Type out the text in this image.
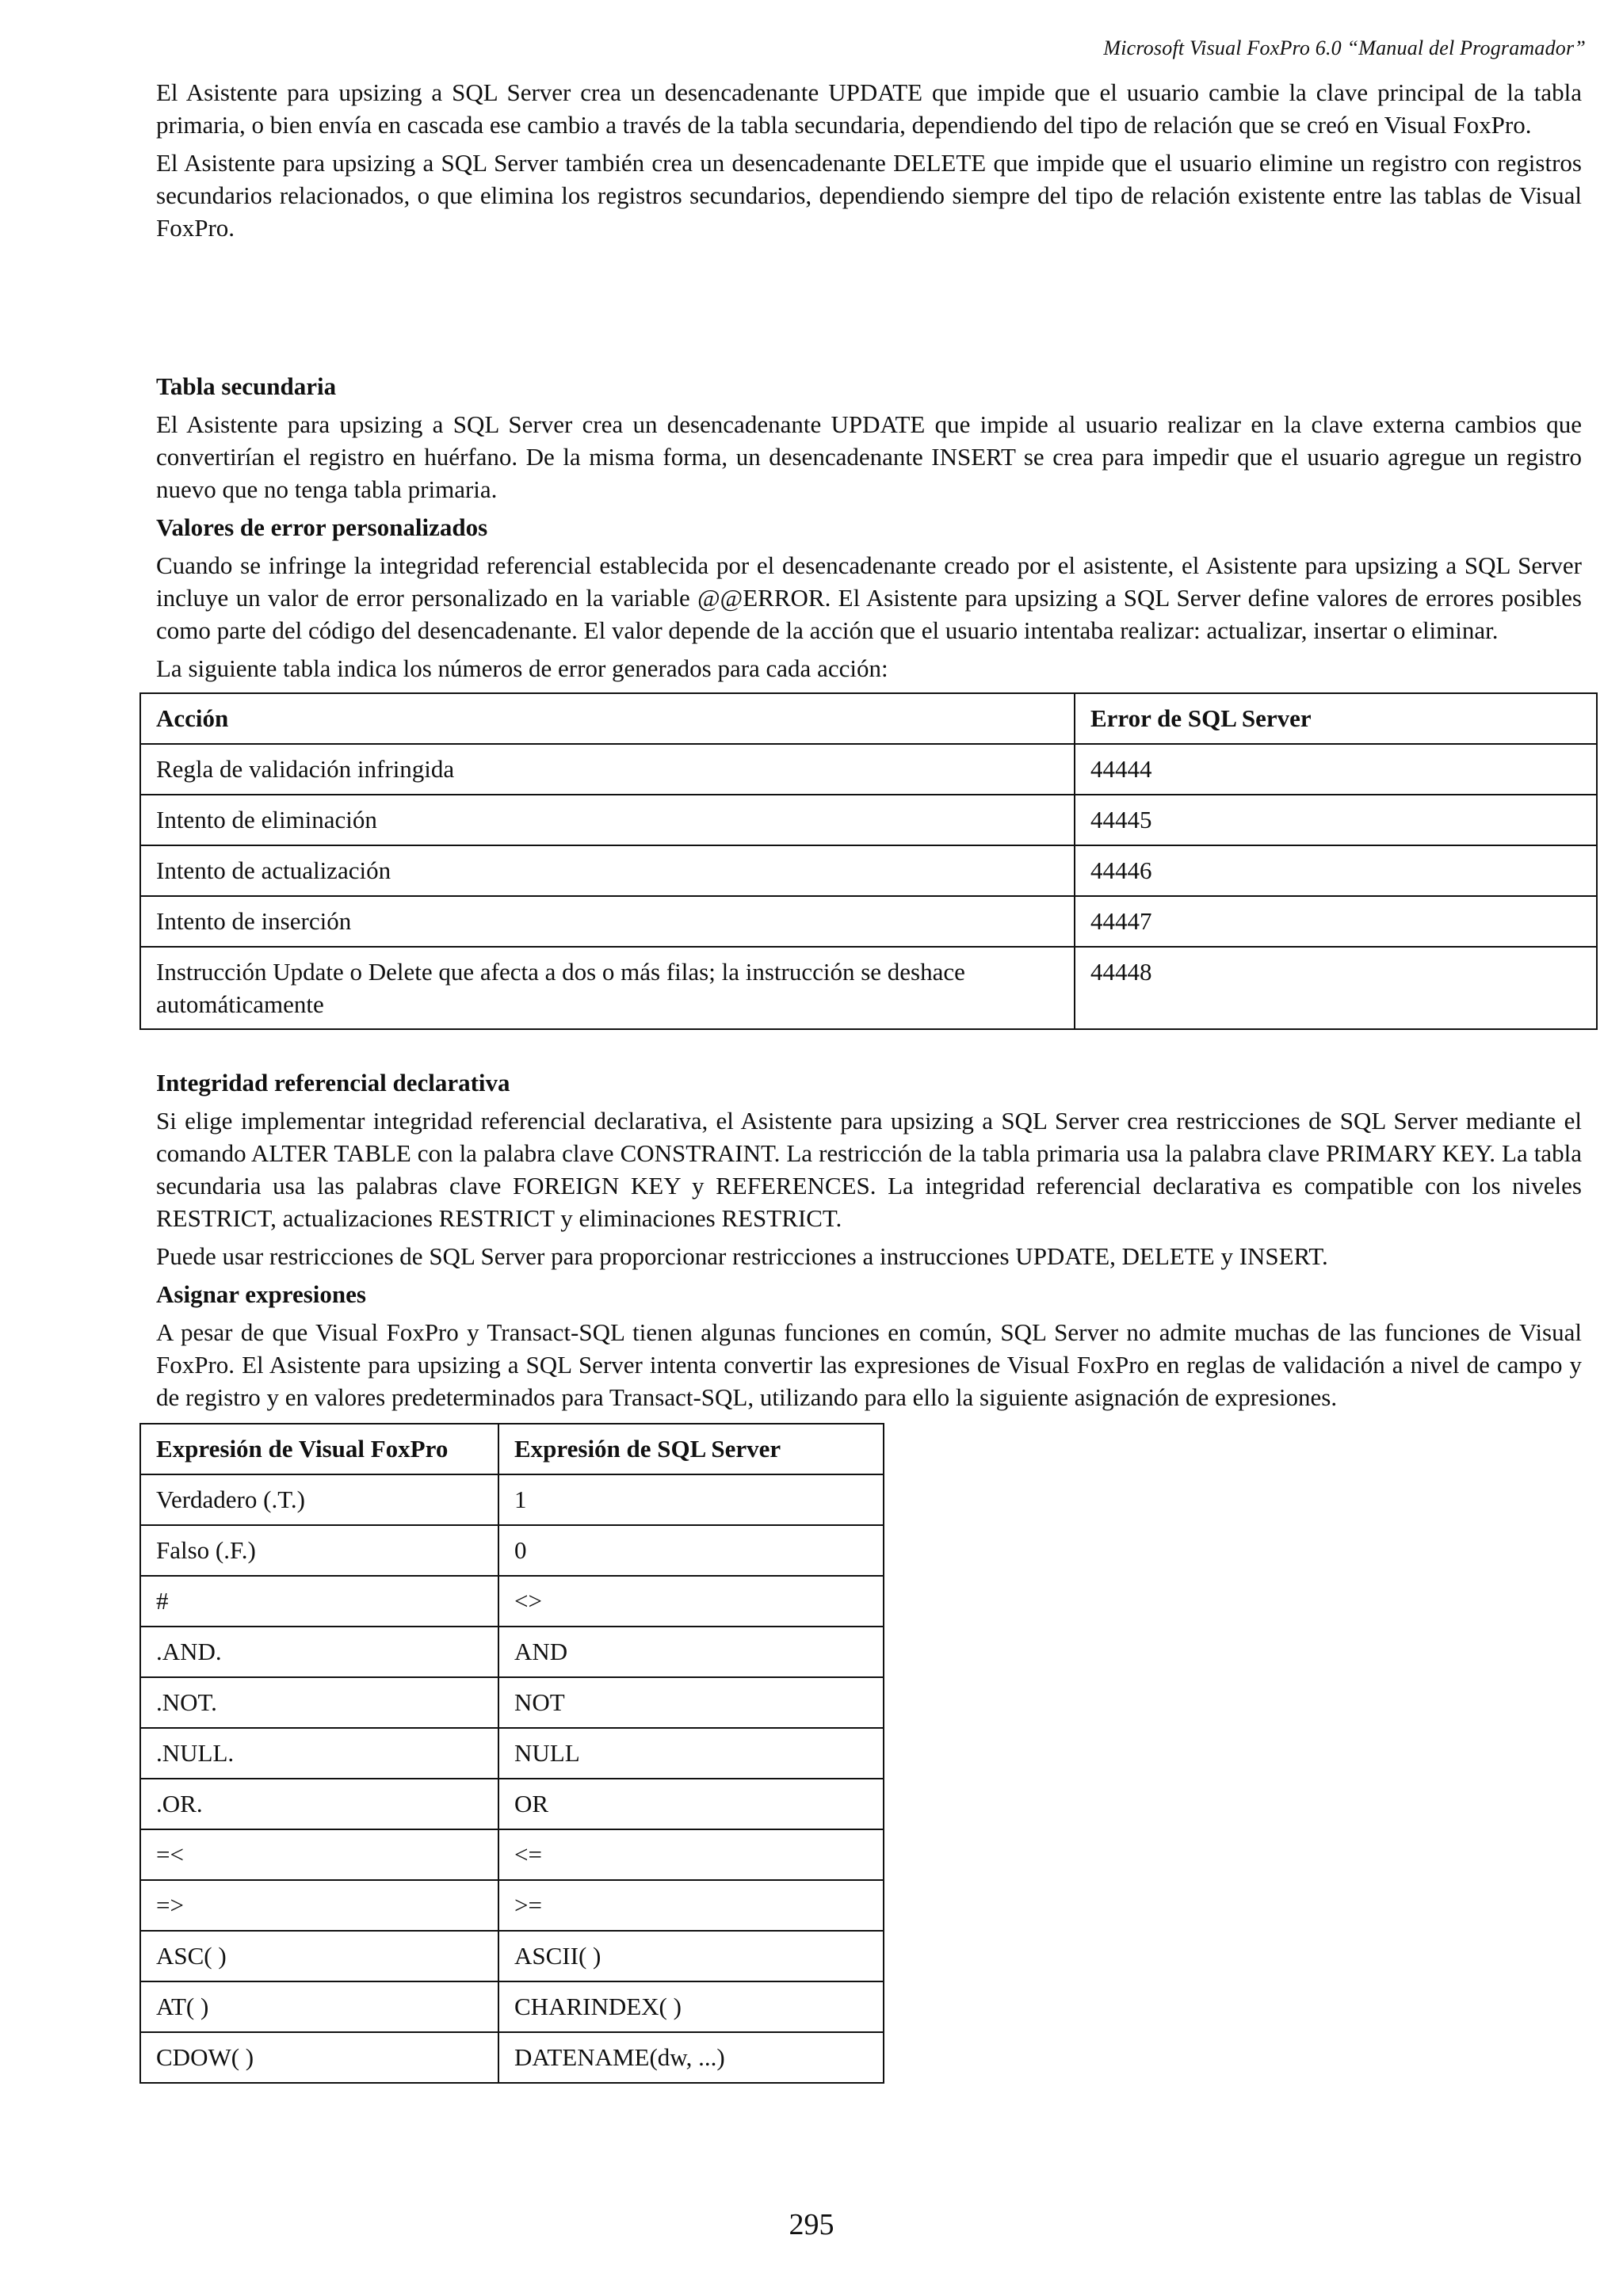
Microsoft Visual FoxPro 6.0 “Manual del Programador”

El Asistente para upsizing a SQL Server crea un desencadenante UPDATE que impide que el usuario cambie la clave principal de la tabla primaria, o bien envía en cascada ese cambio a través de la tabla secundaria, dependiendo del tipo de relación que se creó en Visual FoxPro.

El Asistente para upsizing a SQL Server también crea un desencadenante DELETE que impide que el usuario elimine un registro con registros secundarios relacionados, o que elimina los registros secundarios, dependiendo siempre del tipo de relación existente entre las tablas de Visual FoxPro.

Tabla secundaria

El Asistente para upsizing a SQL Server crea un desencadenante UPDATE que impide al usuario realizar en la clave externa cambios que convertirían el registro en huérfano. De la misma forma, un desencadenante INSERT se crea para impedir que el usuario agregue un registro nuevo que no tenga tabla primaria.

Valores de error personalizados

Cuando se infringe la integridad referencial establecida por el desencadenante creado por el asistente, el Asistente para upsizing a SQL Server incluye un valor de error personalizado en la variable @@ERROR. El Asistente para upsizing a SQL Server define valores de errores posibles como parte del código del desencadenante. El valor depende de la acción que el usuario intentaba realizar: actualizar, insertar o eliminar.

La siguiente tabla indica los números de error generados para cada acción:

Acción	Error de SQL Server
Regla de validación infringida	44444
Intento de eliminación	44445
Intento de actualización	44446
Intento de inserción	44447
Instrucción Update o Delete que afecta a dos o más filas; la instrucción se deshace automáticamente	44448
Integridad referencial declarativa

Si elige implementar integridad referencial declarativa, el Asistente para upsizing a SQL Server crea restricciones de SQL Server mediante el comando ALTER TABLE con la palabra clave CONSTRAINT. La restricción de la tabla primaria usa la palabra clave PRIMARY KEY. La tabla secundaria usa las palabras clave FOREIGN KEY y REFERENCES. La integridad referencial declarativa es compatible con los niveles RESTRICT, actualizaciones RESTRICT y eliminaciones RESTRICT.

Puede usar restricciones de SQL Server para proporcionar restricciones a instrucciones UPDATE, DELETE y INSERT.

Asignar expresiones

A pesar de que Visual FoxPro y Transact-SQL tienen algunas funciones en común, SQL Server no admite muchas de las funciones de Visual FoxPro. El Asistente para upsizing a SQL Server intenta convertir las expresiones de Visual FoxPro en reglas de validación a nivel de campo y de registro y en valores predeterminados para Transact-SQL, utilizando para ello la siguiente asignación de expresiones.

Expresión de Visual FoxPro	Expresión de SQL Server
Verdadero (.T.)	1
Falso (.F.)	0
#	<>
.AND.	AND
.NOT.	NOT
.NULL.	NULL
.OR.	OR
=<	<=
=>	>=
ASC( )	ASCII( )
AT( )	CHARINDEX( )
CDOW( )	DATENAME(dw, ...)
295
